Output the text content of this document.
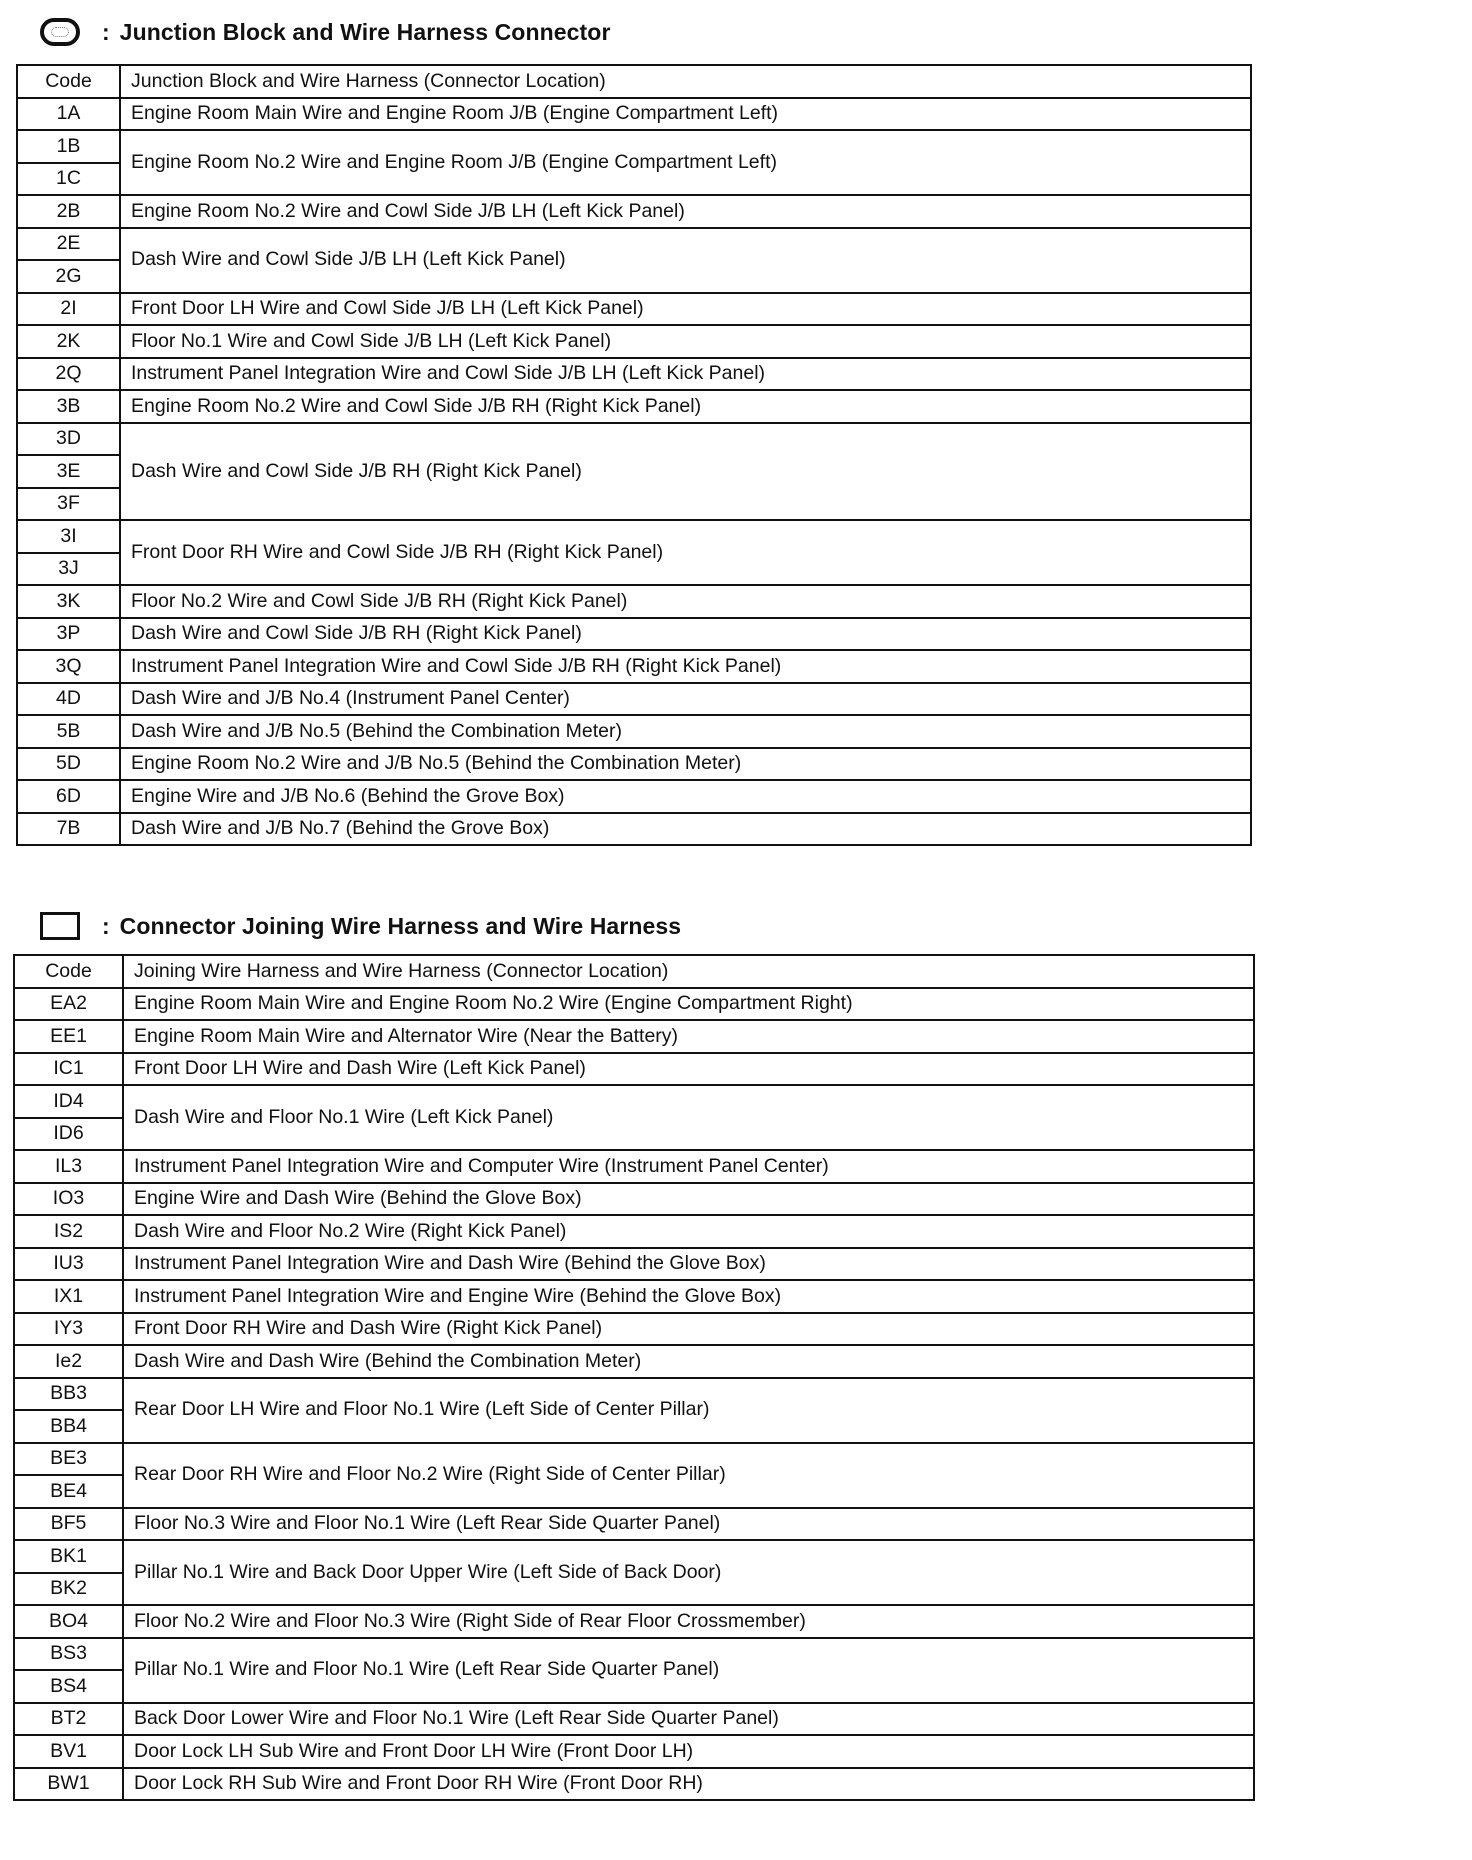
: Junction Block and Wire Harness Connector
Code	Junction Block and Wire Harness (Connector Location)
1A	Engine Room Main Wire and Engine Room J/B (Engine Compartment Left)
1B	Engine Room No.2 Wire and Engine Room J/B (Engine Compartment Left)
1C	
2B	Engine Room No.2 Wire and Cowl Side J/B LH (Left Kick Panel)
2E	Dash Wire and Cowl Side J/B LH (Left Kick Panel)
2G	
2I	Front Door LH Wire and Cowl Side J/B LH (Left Kick Panel)
2K	Floor No.1 Wire and Cowl Side J/B LH (Left Kick Panel)
2Q	Instrument Panel Integration Wire and Cowl Side J/B LH (Left Kick Panel)
3B	Engine Room No.2 Wire and Cowl Side J/B RH (Right Kick Panel)
3D	Dash Wire and Cowl Side J/B RH (Right Kick Panel)
3E	
3F	
3I	Front Door RH Wire and Cowl Side J/B RH (Right Kick Panel)
3J	
3K	Floor No.2 Wire and Cowl Side J/B RH (Right Kick Panel)
3P	Dash Wire and Cowl Side J/B RH (Right Kick Panel)
3Q	Instrument Panel Integration Wire and Cowl Side J/B RH (Right Kick Panel)
4D	Dash Wire and J/B No.4 (Instrument Panel Center)
5B	Dash Wire and J/B No.5 (Behind the Combination Meter)
5D	Engine Room No.2 Wire and J/B No.5 (Behind the Combination Meter)
6D	Engine Wire and J/B No.6 (Behind the Grove Box)
7B	Dash Wire and J/B No.7 (Behind the Grove Box)
: Connector Joining Wire Harness and Wire Harness
Code	Joining Wire Harness and Wire Harness (Connector Location)
EA2	Engine Room Main Wire and Engine Room No.2 Wire (Engine Compartment Right)
EE1	Engine Room Main Wire and Alternator Wire (Near the Battery)
IC1	Front Door LH Wire and Dash Wire (Left Kick Panel)
ID4	Dash Wire and Floor No.1 Wire (Left Kick Panel)
ID6	
IL3	Instrument Panel Integration Wire and Computer Wire (Instrument Panel Center)
IO3	Engine Wire and Dash Wire (Behind the Glove Box)
IS2	Dash Wire and Floor No.2 Wire (Right Kick Panel)
IU3	Instrument Panel Integration Wire and Dash Wire (Behind the Glove Box)
IX1	Instrument Panel Integration Wire and Engine Wire (Behind the Glove Box)
IY3	Front Door RH Wire and Dash Wire (Right Kick Panel)
Ie2	Dash Wire and Dash Wire (Behind the Combination Meter)
BB3	Rear Door LH Wire and Floor No.1 Wire (Left Side of Center Pillar)
BB4	
BE3	Rear Door RH Wire and Floor No.2 Wire (Right Side of Center Pillar)
BE4	
BF5	Floor No.3 Wire and Floor No.1 Wire (Left Rear Side Quarter Panel)
BK1	Pillar No.1 Wire and Back Door Upper Wire (Left Side of Back Door)
BK2	
BO4	Floor No.2 Wire and Floor No.3 Wire (Right Side of Rear Floor Crossmember)
BS3	Pillar No.1 Wire and Floor No.1 Wire (Left Rear Side Quarter Panel)
BS4	
BT2	Back Door Lower Wire and Floor No.1 Wire (Left Rear Side Quarter Panel)
BV1	Door Lock LH Sub Wire and Front Door LH Wire (Front Door LH)
BW1	Door Lock RH Sub Wire and Front Door RH Wire (Front Door RH)
